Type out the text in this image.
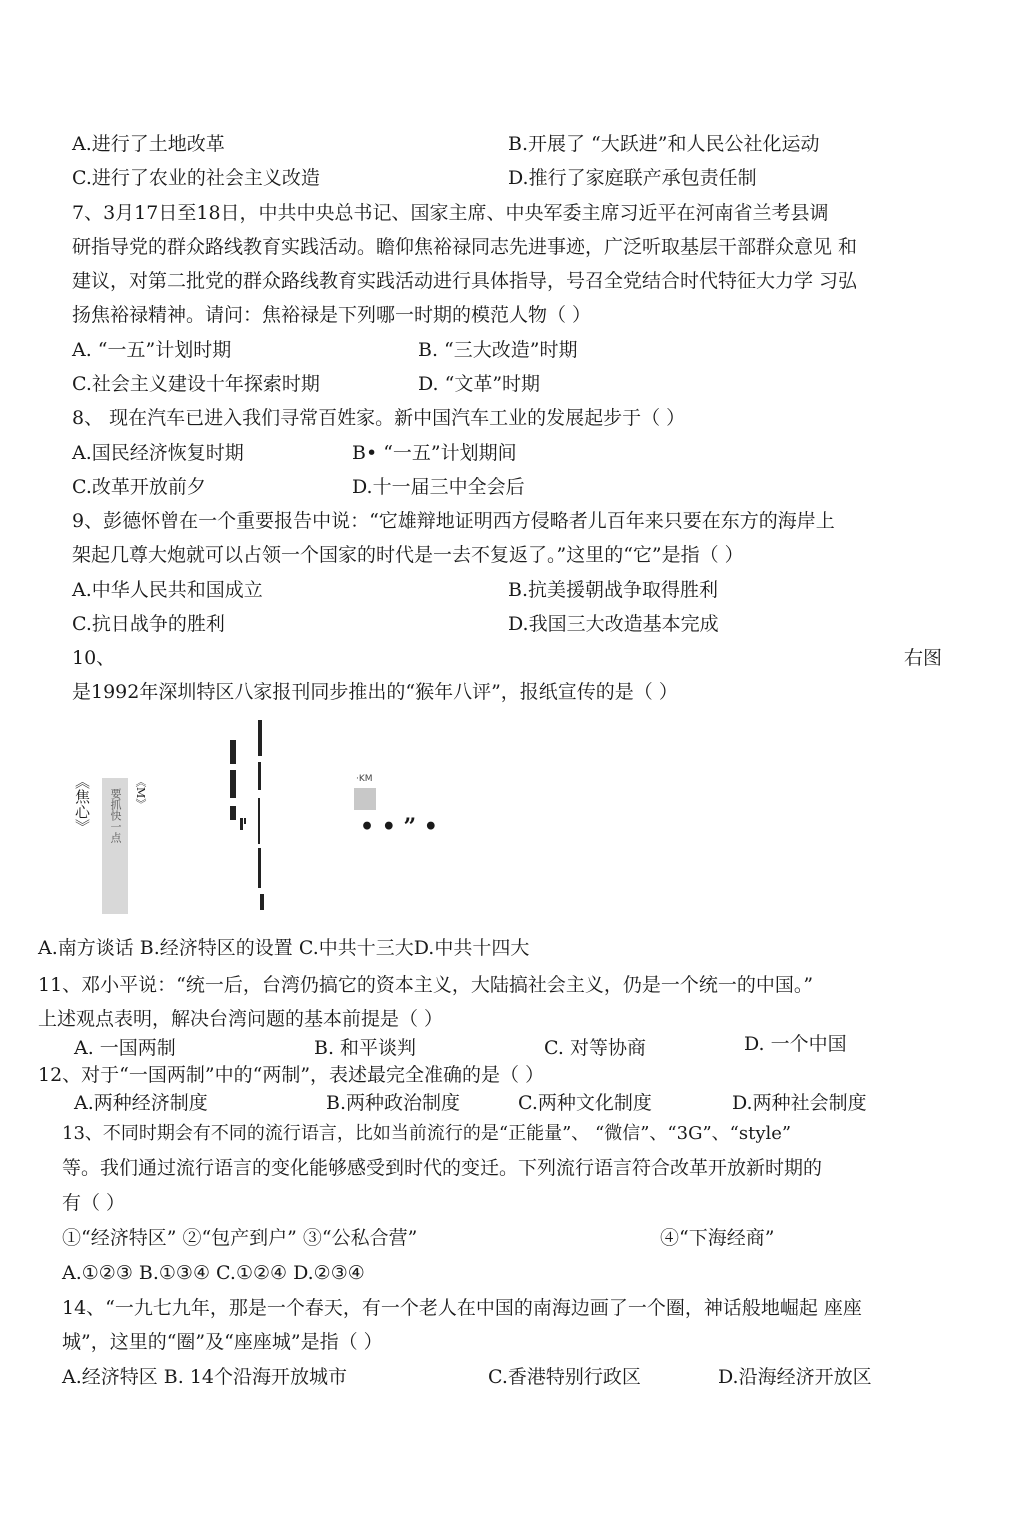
A.进行了土地改革	B.开展了 “大跃进”和人民公社化运动
C.进行了农业的社会主义改造	D.推行了家庭联产承包责任制
7、3月17日至18日，中共中央总书记、国家主席、中央军委主席习近平在河南省兰考县调
研指导党的群众路线教育实践活动。瞻仰焦裕禄同志先进事迹，广泛听取基层干部群众意见 和
建议，对第二批党的群众路线教育实践活动进行具体指导，号召全党结合时代特征大力学 习弘
扬焦裕禄精神。请问：焦裕禄是下列哪一时期的模范人物（ ）
A. “一五”计划时期	B. “三大改造”时期
C.社会主义建设十年探索时期	D. “文革”时期
8、 现在汽车已进入我们寻常百姓家。新中国汽车工业的发展起步于（ ）
A.国民经济恢复时期	B• “一五”计划期间
C.改革开放前夕	D.十一届三中全会后
9、彭德怀曾在一个重要报告中说：“它雄辩地证明西方侵略者儿百年来只要在东方的海岸上
架起几尊大炮就可以占领一个国家的时代是一去不复返了。”这里的“它”是指（ ）
A.中华人民共和国成立	B.抗美援朝战争取得胜利
C.抗日战争的胜利	D.我国三大改造基本完成
10、	右图
是1992年深圳特区八家报刊同步推出的“猴年八评”，报纸宣传的是（ ）
《焦心》 要抓快一点 《M》	·KM
• • ” •
A.南方谈话 B.经济特区的设置 C.中共十三大D.中共十四大
11、邓小平说：“统一后，台湾仍搞它的资本主义，大陆搞社会主义，仍是一个统一的中国。”
上述观点表明，解决台湾问题的基本前提是（ ）
A. 一国两制	B. 和平谈判	C. 对等协商	D. 一个中国
12、对于“一国两制”中的“两制”，表述最完全准确的是（ ）
A.两种经济制度	B.两种政治制度	C.两种文化制度	D.两种社会制度
13、不同时期会有不同的流行语言，比如当前流行的是“正能量”、 “微信”、“3G”、“style”
等。我们通过流行语言的变化能够感受到时代的变迁。下列流行语言符合改革开放新时期的
有（ ）
①“经济特区” ②“包产到户” ③“公私合营”	④“下海经商”
A.①②③ B.①③④ C.①②④ D.②③④
14、“一九七九年，那是一个春天，有一个老人在中国的南海边画了一个圈，神话般地崛起 座座
城”，这里的“圈”及“座座城”是指（ ）
A.经济特区 B. 14个沿海开放城市	C.香港特别行政区	D.沿海经济开放区
